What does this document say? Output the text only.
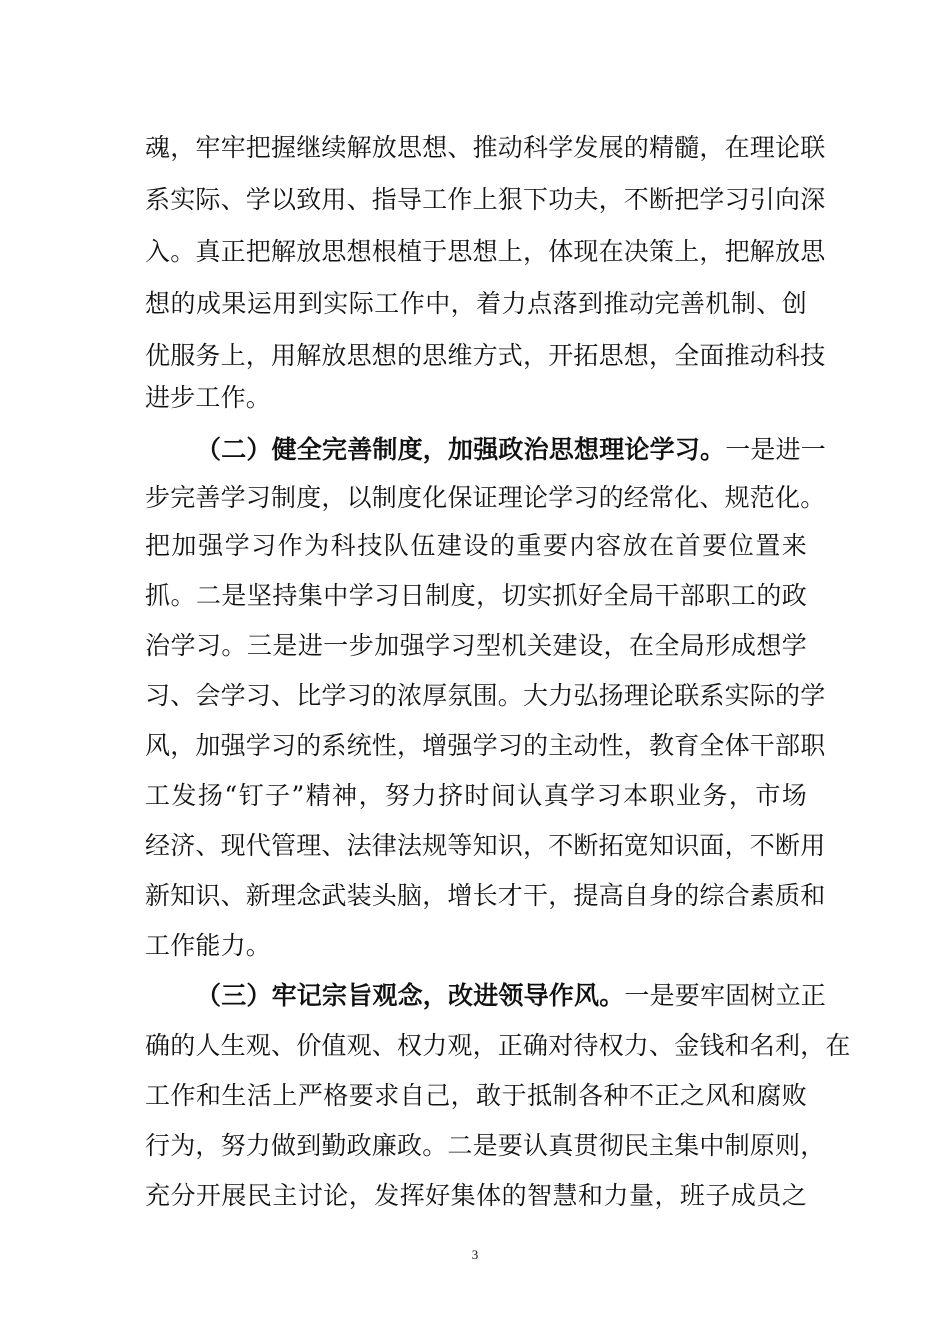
魂，牢牢把握继续解放思想、推动科学发展的精髓，在理论联
系实际、学以致用、指导工作上狠下功夫，不断把学习引向深
入。真正把解放思想根植于思想上，体现在决策上，把解放思
想的成果运用到实际工作中，着力点落到推动完善机制、创
优服务上，用解放思想的思维方式，开拓思想，全面推动科技
进步工作。
（二）健全完善制度，加强政治思想理论学习。一是进一
步完善学习制度，以制度化保证理论学习的经常化、规范化。
把加强学习作为科技队伍建设的重要内容放在首要位置来
抓。二是坚持集中学习日制度，切实抓好全局干部职工的政
治学习。三是进一步加强学习型机关建设，在全局形成想学
习、会学习、比学习的浓厚氛围。大力弘扬理论联系实际的学
风，加强学习的系统性，增强学习的主动性，教育全体干部职
工发扬“钉子”精神，努力挤时间认真学习本职业务，市场
经济、现代管理、法律法规等知识，不断拓宽知识面，不断用
新知识、新理念武装头脑，增长才干，提高自身的综合素质和
工作能力。
（三）牢记宗旨观念，改进领导作风。一是要牢固树立正
确的人生观、价值观、权力观，正确对待权力、金钱和名利，在
工作和生活上严格要求自己，敢于抵制各种不正之风和腐败
行为，努力做到勤政廉政。二是要认真贯彻民主集中制原则，
充分开展民主讨论，发挥好集体的智慧和力量，班子成员之
3
